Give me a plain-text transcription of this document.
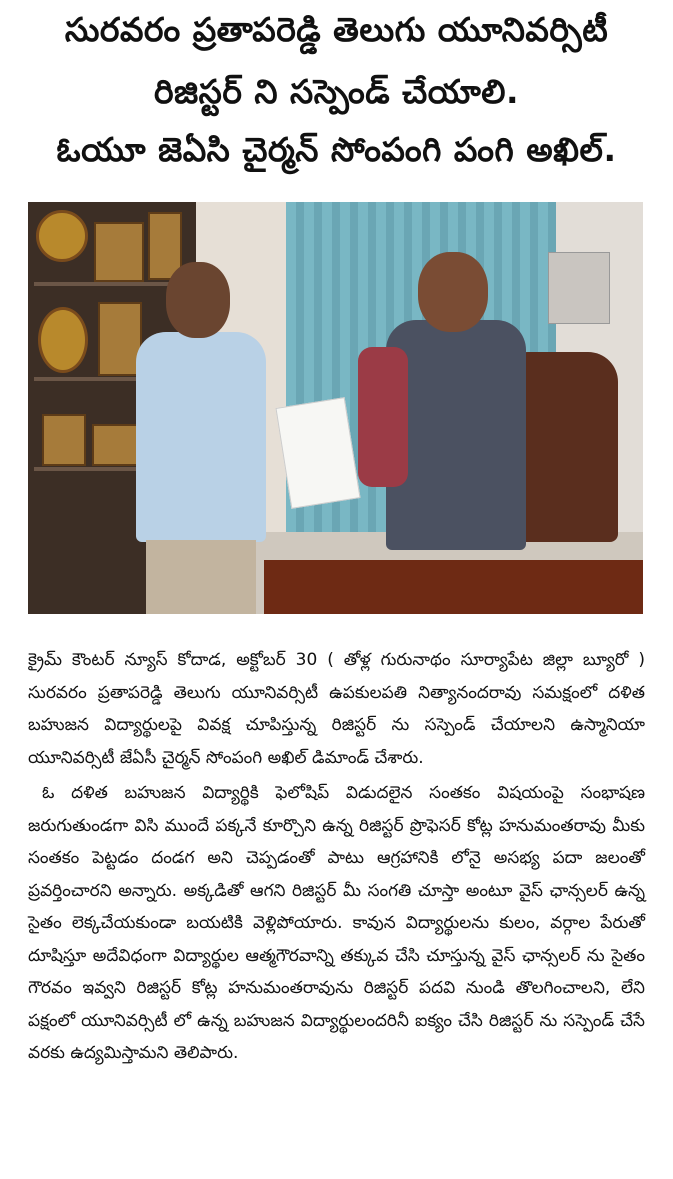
సురవరం ప్రతాపరెడ్డి తెలుగు యూనివర్సిటీ
రిజిస్టర్ ని సస్పెండ్ చేయాలి.
ఓయూ జెఏసి చైర్మన్ సోంపంగి పంగి అఖిల్.

క్రైమ్ కౌంటర్ న్యూస్ కోదాడ, అక్టోబర్ 30 ( తోళ్ల గురునాథం సూర్యాపేట జిల్లా బ్యూరో ) సురవరం ప్రతాపరెడ్డి తెలుగు యూనివర్సిటీ ఉపకులపతి నిత్యానందరావు సమక్షంలో దళిత బహుజన విద్యార్థులపై వివక్ష చూపిస్తున్న రిజిస్టర్ ను సస్పెండ్ చేయాలని ఉస్మానియా యూనివర్సిటీ జేఏసీ చైర్మన్ సోంపంగి అఖిల్ డిమాండ్ చేశారు.

ఓ దళిత బహుజన విద్యార్థికి ఫెలోషిప్ విడుదలైన సంతకం విషయంపై సంభాషణ జరుగుతుండగా విసి ముందే పక్కనే కూర్చొని ఉన్న రిజిస్టర్ ప్రొఫెసర్ కోట్ల హనుమంతరావు మీకు సంతకం పెట్టడం దండగ అని చెప్పడంతో పాటు ఆగ్రహానికి లోనై అసభ్య పదా జలంతో ప్రవర్తించారని అన్నారు. అక్కడితో ఆగని రిజిస్టర్ మీ సంగతి చూస్తా అంటూ వైస్ ఛాన్సలర్ ఉన్న సైతం లెక్కచేయకుండా బయటికి వెళ్లిపోయారు. కావున విద్యార్థులను కులం, వర్గాల పేరుతో దూషిస్తూ అదేవిధంగా విద్యార్థుల ఆత్మగౌరవాన్ని తక్కువ చేసి చూస్తున్న వైస్ ఛాన్సలర్ ను సైతం గౌరవం ఇవ్వని రిజిస్టర్ కోట్ల హనుమంతరావును రిజిస్టర్ పదవి నుండి తొలగించాలని, లేని పక్షంలో యూనివర్సిటీ లో ఉన్న బహుజన విద్యార్థులందరినీ ఐక్యం చేసి రిజిస్టర్ ను సస్పెండ్ చేసే వరకు ఉద్యమిస్తామని తెలిపారు.
